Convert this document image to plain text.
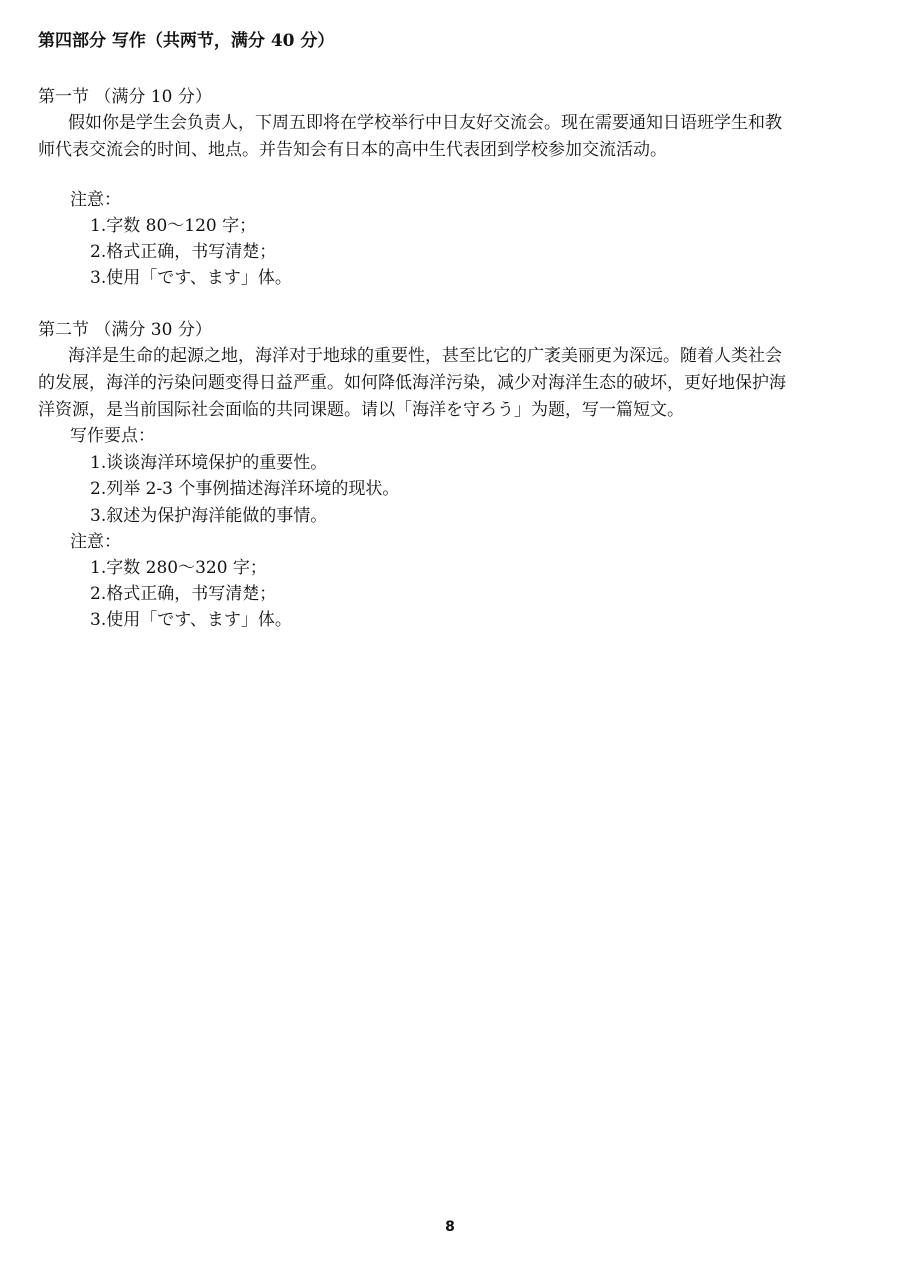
第四部分 写作（共两节，满分 40 分）
第一节 （满分 10 分）
假如你是学生会负责人，下周五即将在学校举行中日友好交流会。现在需要通知日语班学生和教
师代表交流会的时间、地点。并告知会有日本的高中生代表团到学校参加交流活动。
注意：
1.字数 80～120 字；
2.格式正确，书写清楚；
3.使用「です、ます」体。
第二节 （满分 30 分）
海洋是生命的起源之地，海洋对于地球的重要性，甚至比它的广袤美丽更为深远。随着人类社会
的发展，海洋的污染问题变得日益严重。如何降低海洋污染，减少对海洋生态的破坏，更好地保护海
洋资源，是当前国际社会面临的共同课题。请以「海洋を守ろう」为题，写一篇短文。
写作要点：
1.谈谈海洋环境保护的重要性。
2.列举 2-3 个事例描述海洋环境的现状。
3.叙述为保护海洋能做的事情。
注意：
1.字数 280～320 字；
2.格式正确，书写清楚；
3.使用「です、ます」体。
8
